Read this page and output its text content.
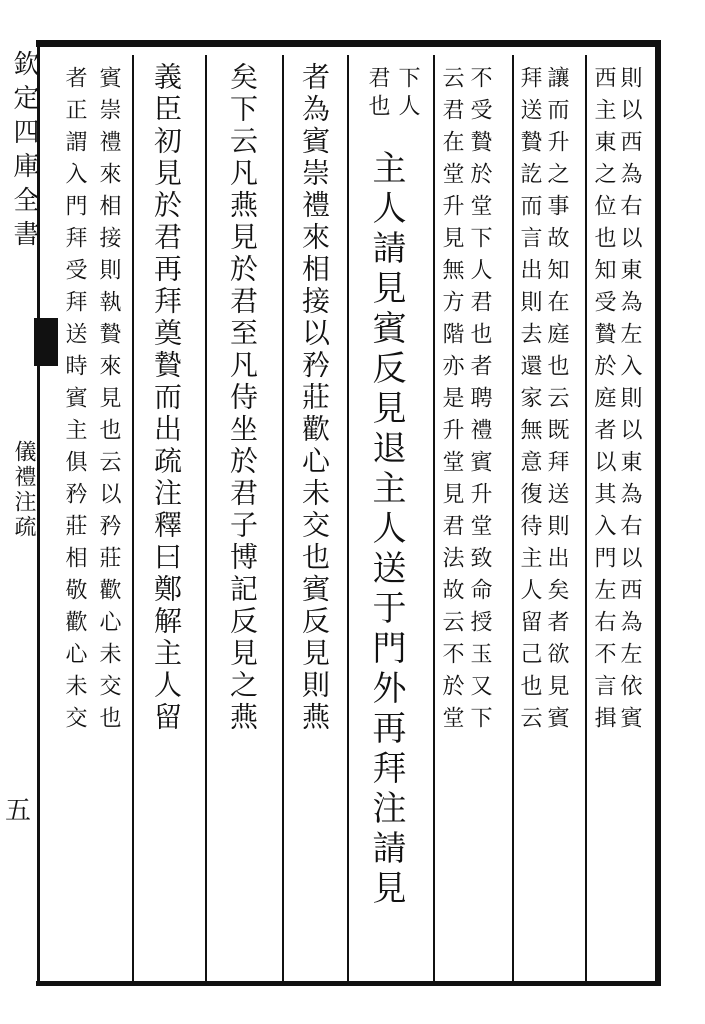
欽定四庫全書
儀禮注疏
五
則以西為右以東為左入則以東為右以西為左依賓
西主東之位也知受贄於庭者以其入門左右不言揖
讓而升之事故知在庭也云既拜送則出矣者欲見賓
拜送贄訖而言出則去還家無意復待主人留己也云
不受贄於堂下人君也者聘禮賓升堂致命授玉又下
云君在堂升見無方階亦是升堂見君法故云不於堂
下人
君也
主人請見賓反見退主人送于門外再拜注請見
者為賓崇禮來相接以矜莊歡心未交也賓反見則燕
矣下云凡燕見於君至凡侍坐於君子博記反見之燕
義臣初見於君再拜奠贄而出疏注釋曰鄭解主人留
賓崇禮來相接則執贄來見也云以矜莊歡心未交也
者正謂入門拜受拜送時賓主俱矜莊相敬歡心未交
